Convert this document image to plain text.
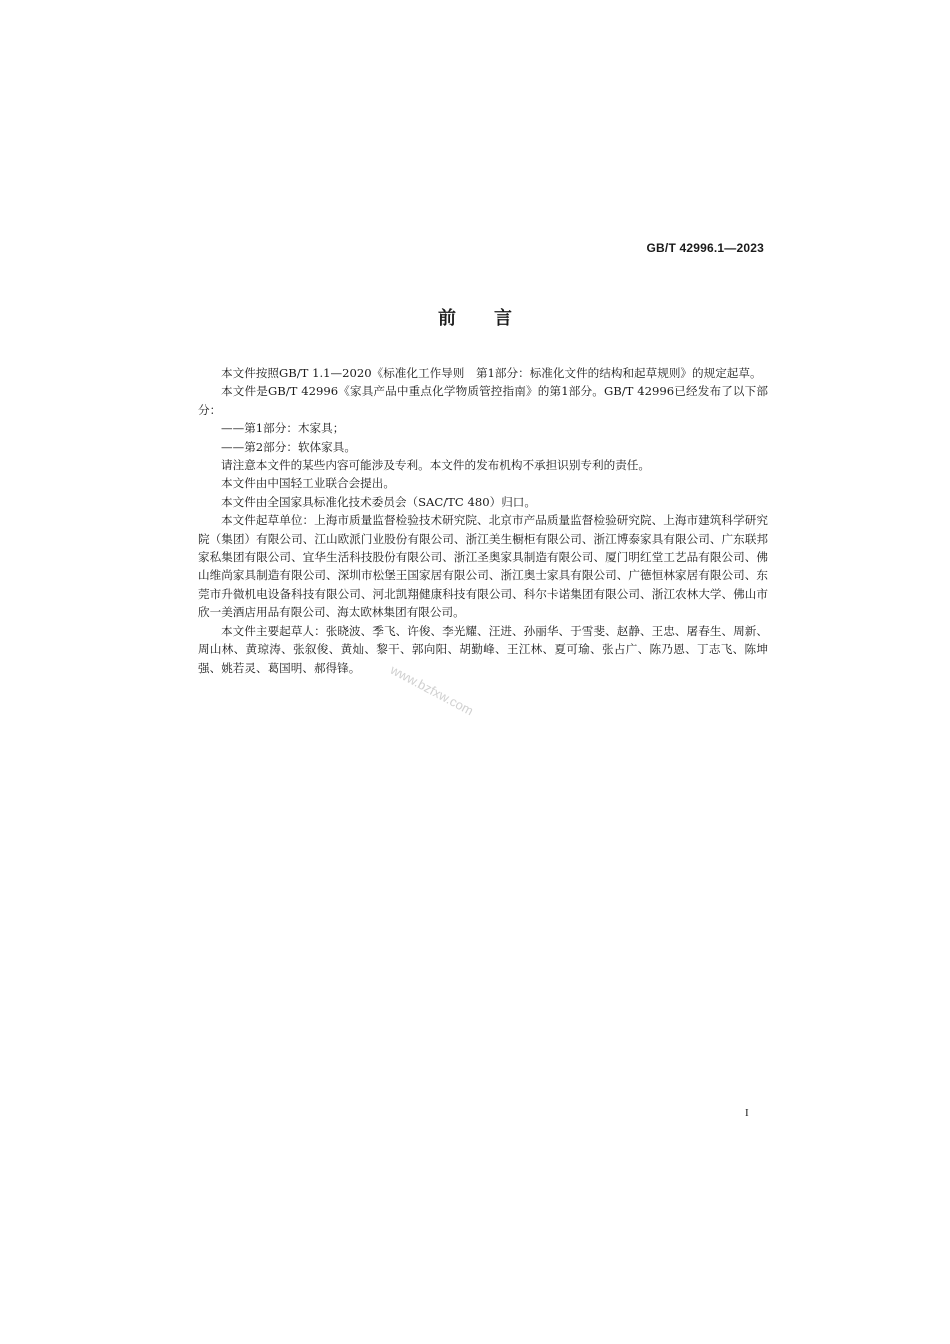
GB/T 42996.1—2023
前言

本文件按照GB/T 1.1—2020《标准化工作导则　第1部分：标准化文件的结构和起草规则》的规定起草。

本文件是GB/T 42996《家具产品中重点化学物质管控指南》的第1部分。GB/T 42996已经发布了以下部分：

——第1部分：木家具；

——第2部分：软体家具。

请注意本文件的某些内容可能涉及专利。本文件的发布机构不承担识别专利的责任。

本文件由中国轻工业联合会提出。

本文件由全国家具标准化技术委员会（SAC/TC 480）归口。

本文件起草单位：上海市质量监督检验技术研究院、北京市产品质量监督检验研究院、上海市建筑科学研究院（集团）有限公司、江山欧派门业股份有限公司、浙江美生橱柜有限公司、浙江博泰家具有限公司、广东联邦家私集团有限公司、宜华生活科技股份有限公司、浙江圣奥家具制造有限公司、厦门明红堂工艺品有限公司、佛山维尚家具制造有限公司、深圳市松堡王国家居有限公司、浙江奥士家具有限公司、广德恒林家居有限公司、东莞市升微机电设备科技有限公司、河北凯翔健康科技有限公司、科尔卡诺集团有限公司、浙江农林大学、佛山市欣一美酒店用品有限公司、海太欧林集团有限公司。

本文件主要起草人：张晓波、季飞、许俊、李光耀、汪进、孙丽华、于雪斐、赵静、王忠、屠春生、周新、周山林、黄琼涛、张叙俊、黄灿、黎干、郭向阳、胡勤峰、王江林、夏可瑜、张占广、陈乃恩、丁志飞、陈坤强、姚若灵、葛国明、郝得锋。	www.bzfxw.com
I
